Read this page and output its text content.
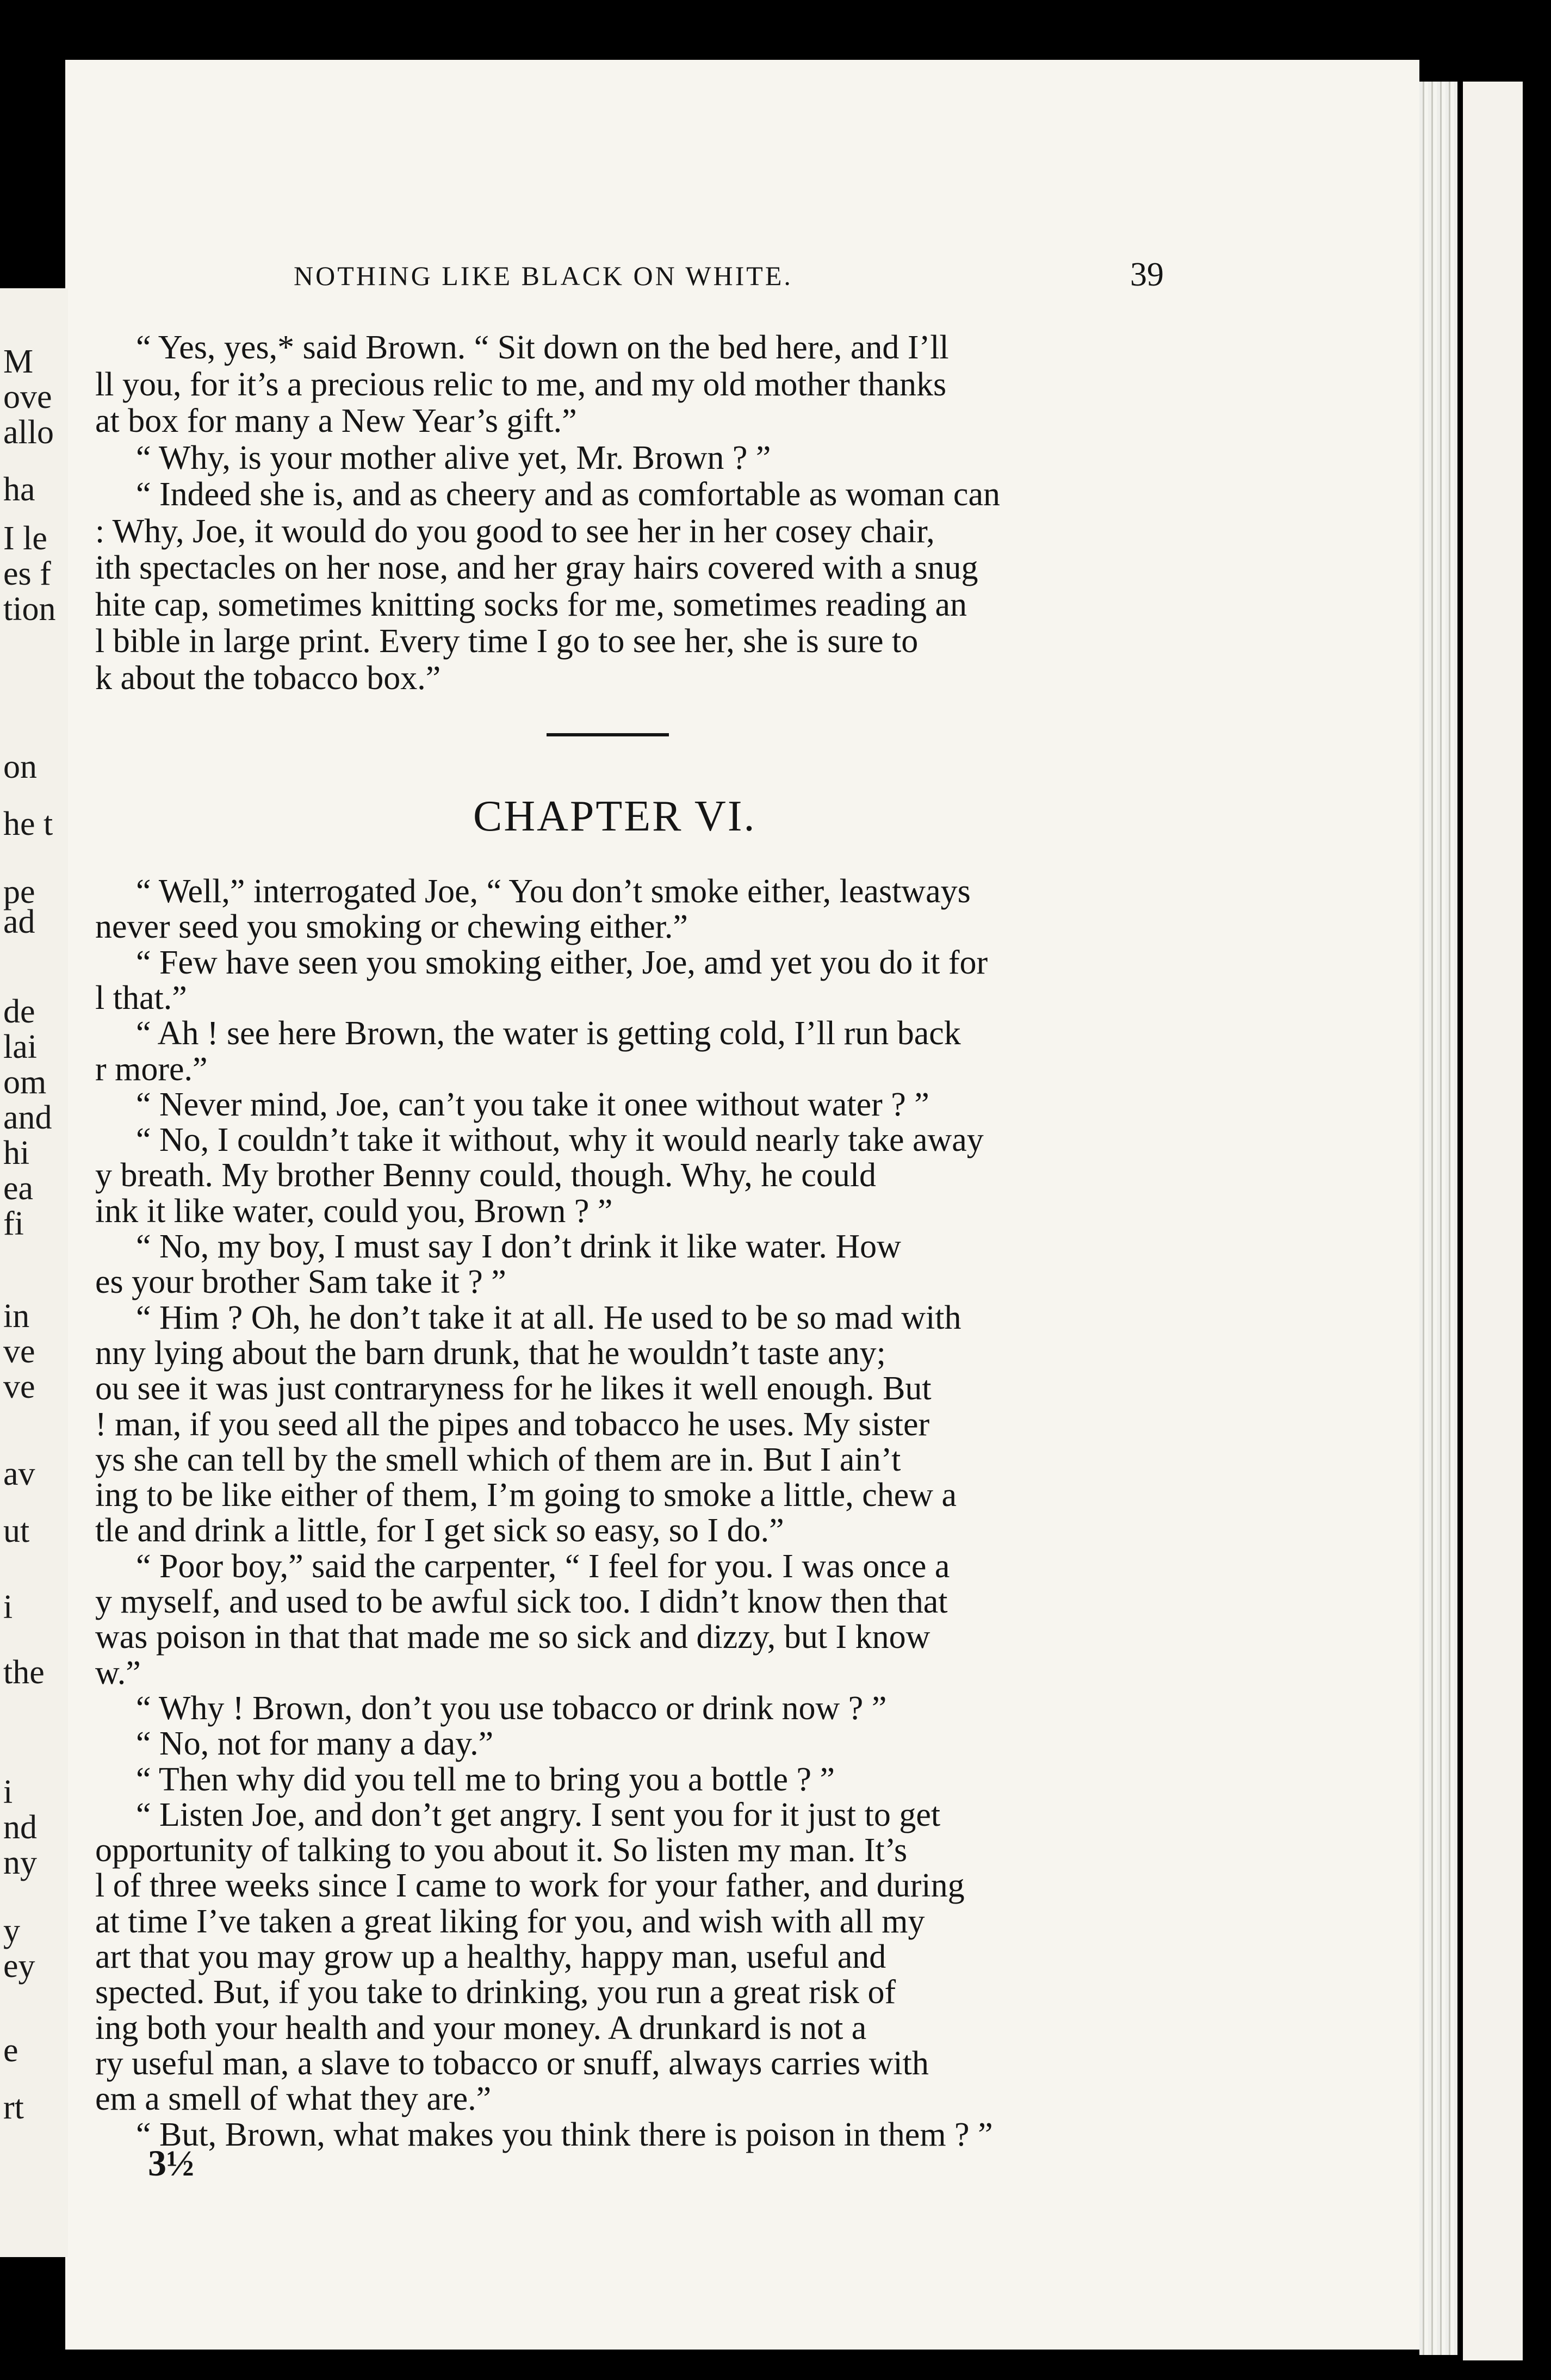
M
ove
allo
ha
I le
es f
tion
on
he t
pe
ad
de
lai
om
and
hi
ea
fi
in
ve
ve
av
ut
i
the
i
nd
ny
y
ey
e
rt
NOTHING LIKE BLACK ON WHITE.	39
“ Yes, yes,* said Brown. “ Sit down on the bed here, and I’ll
ll you, for it’s a precious relic to me, and my old mother thanks
at box for many a New Year’s gift.”
“ Why, is your mother alive yet, Mr. Brown ? ”
“ Indeed she is, and as cheery and as comfortable as woman can
: Why, Joe, it would do you good to see her in her cosey chair,
ith spectacles on her nose, and her gray hairs covered with a snug
hite cap, sometimes knitting socks for me, sometimes reading an
l bible in large print. Every time I go to see her, she is sure to
k about the tobacco box.”
CHAPTER VI.
“ Well,” interrogated Joe, “ You don’t smoke either, leastways
never seed you smoking or chewing either.”
“ Few have seen you smoking either, Joe, amd yet you do it for
l that.”
“ Ah ! see here Brown, the water is getting cold, I’ll run back
r more.”
“ Never mind, Joe, can’t you take it onee without water ? ”
“ No, I couldn’t take it without, why it would nearly take away
y breath. My brother Benny could, though. Why, he could
ink it like water, could you, Brown ? ”
“ No, my boy, I must say I don’t drink it like water. How
es your brother Sam take it ? ”
“ Him ? Oh, he don’t take it at all. He used to be so mad with
nny lying about the barn drunk, that he wouldn’t taste any;
ou see it was just contraryness for he likes it well enough. But
! man, if you seed all the pipes and tobacco he uses. My sister
ys she can tell by the smell which of them are in. But I ain’t
ing to be like either of them, I’m going to smoke a little, chew a
tle and drink a little, for I get sick so easy, so I do.”
“ Poor boy,” said the carpenter, “ I feel for you. I was once a
y myself, and used to be awful sick too. I didn’t know then that
was poison in that that made me so sick and dizzy, but I know
w.”
“ Why ! Brown, don’t you use tobacco or drink now ? ”
“ No, not for many a day.”
“ Then why did you tell me to bring you a bottle ? ”
“ Listen Joe, and don’t get angry. I sent you for it just to get
opportunity of talking to you about it. So listen my man. It’s
l of three weeks since I came to work for your father, and during
at time I’ve taken a great liking for you, and wish with all my
art that you may grow up a healthy, happy man, useful and
spected. But, if you take to drinking, you run a great risk of
ing both your health and your money. A drunkard is not a
ry useful man, a slave to tobacco or snuff, always carries with
em a smell of what they are.”
“ But, Brown, what makes you think there is poison in them ? ”
3½
